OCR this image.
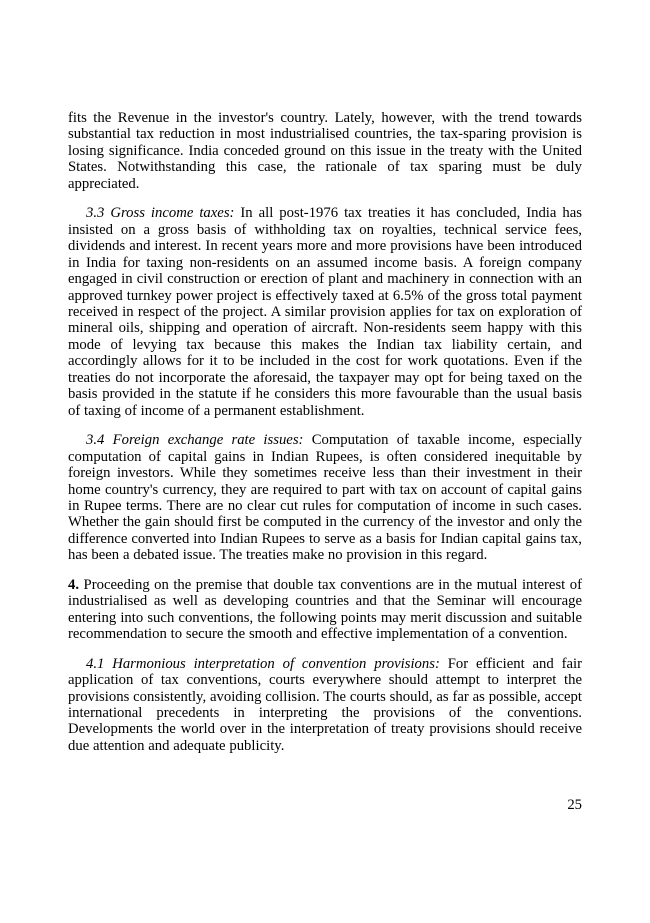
fits the Revenue in the investor's country. Lately, however, with the trend towards substantial tax reduction in most industrialised countries, the tax-sparing provision is losing significance. India conceded ground on this issue in the treaty with the United States. Notwithstanding this case, the rationale of tax sparing must be duly appreciated.

3.3 Gross income taxes: In all post-1976 tax treaties it has concluded, India has insisted on a gross basis of withholding tax on royalties, technical service fees, dividends and interest. In recent years more and more provisions have been introduced in India for taxing non-residents on an assumed income basis. A foreign company engaged in civil construction or erection of plant and machinery in connection with an approved turnkey power project is effectively taxed at 6.5% of the gross total payment received in respect of the project. A similar provision applies for tax on exploration of mineral oils, shipping and operation of aircraft. Non-residents seem happy with this mode of levying tax because this makes the Indian tax liability certain, and accordingly allows for it to be included in the cost for work quotations. Even if the treaties do not incorporate the aforesaid, the taxpayer may opt for being taxed on the basis provided in the statute if he considers this more favourable than the usual basis of taxing of income of a permanent establishment.

3.4 Foreign exchange rate issues: Computation of taxable income, especially computation of capital gains in Indian Rupees, is often considered inequitable by foreign investors. While they sometimes receive less than their investment in their home country's currency, they are required to part with tax on account of capital gains in Rupee terms. There are no clear cut rules for computation of income in such cases. Whether the gain should first be computed in the currency of the investor and only the difference converted into Indian Rupees to serve as a basis for Indian capital gains tax, has been a debated issue. The treaties make no provision in this regard.

4. Proceeding on the premise that double tax conventions are in the mutual interest of industrialised as well as developing countries and that the Seminar will encourage entering into such conventions, the following points may merit discussion and suitable recommendation to secure the smooth and effective implementation of a convention.

4.1 Harmonious interpretation of convention provisions: For efficient and fair application of tax conventions, courts everywhere should attempt to interpret the provisions consistently, avoiding collision. The courts should, as far as possible, accept international precedents in interpreting the provisions of the conventions. Developments the world over in the interpretation of treaty provisions should receive due attention and adequate publicity.

25
